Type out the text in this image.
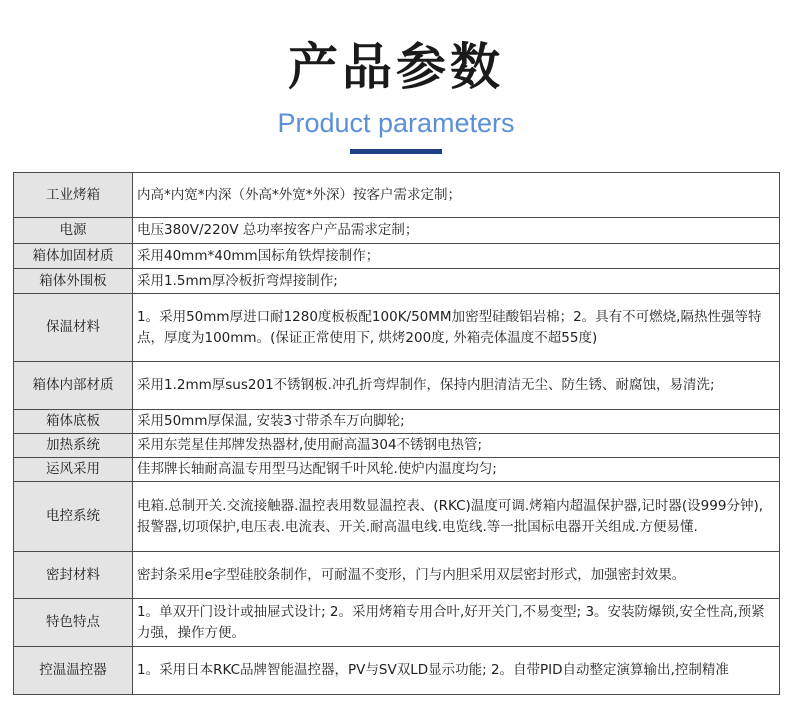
产品参数
Product parameters
工业烤箱	内高*内宽*内深（外高*外宽*外深）按客户需求定制；
电源	电压380V/220V 总功率按客户产品需求定制；
箱体加固材质	采用40mm*40mm国标角铁焊接制作；
箱体外围板	采用1.5mm厚冷板折弯焊接制作;
保温材料	1。采用50mm厚进口耐1280度板板配100K/50MM加密型硅酸铝岩棉；2。具有不可燃烧,隔热性强等特点，厚度为100mm。(保证正常使用下, 烘烤200度, 外箱壳体温度不超55度)
箱体内部材质	采用1.2mm厚sus201不锈钢板.冲孔折弯焊制作，保持内胆清洁无尘、防生锈、耐腐蚀，易清洗;
箱体底板	采用50mm厚保温, 安装3寸带杀车万向脚轮;
加热系统	采用东莞星佳邦牌发热器材,使用耐高温304不锈钢电热管;
运风采用	佳邦牌长轴耐高温专用型马达配钢千叶风轮.使炉内温度均匀;
电控系统	电箱.总制开关.交流接触器.温控表用数显温控表、(RKC)温度可调.烤箱内超温保护器,记时器(设999分钟),报警器,切项保护,电压表.电流表、开关.耐高温电线.电览线.等一批国标电器开关组成.方便易懂.
密封材料	密封条采用e字型硅胶条制作，可耐温不变形，门与内胆采用双层密封形式，加强密封效果。
特色特点	1。单双开门设计或抽屉式设计; 2。采用烤箱专用合叶,好开关门,不易变型; 3。安装防爆锁,安全性高,预紧力强，操作方便。
控温温控器	1。采用日本RKC品牌智能温控器，PV与SV双LD显示功能; 2。自带PID自动整定演算输出,控制精准
